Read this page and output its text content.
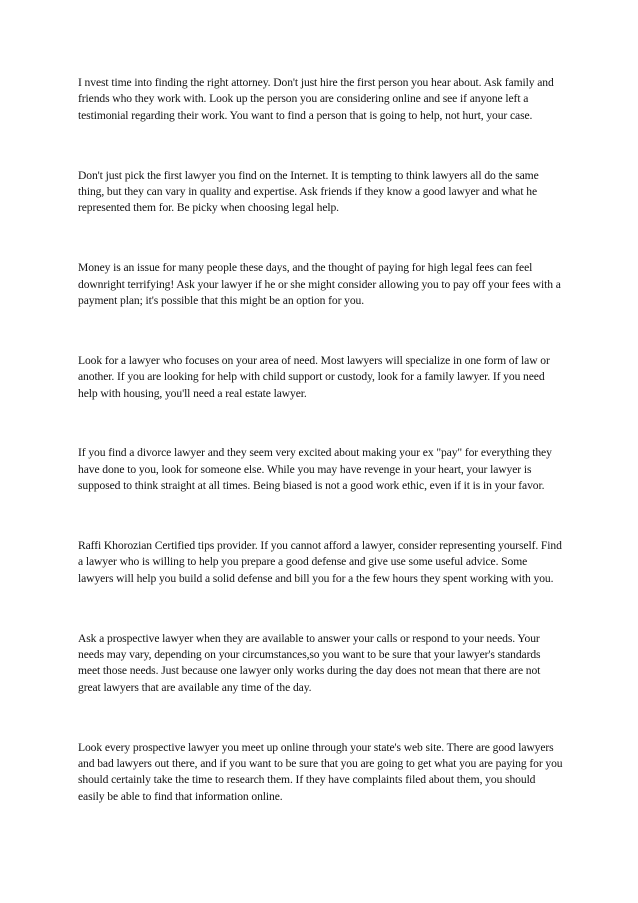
I nvest time into finding the right attorney. Don't just hire the first person you hear about. Ask family and friends who they work with. Look up the person you are considering online and see if anyone left a testimonial regarding their work. You want to find a person that is going to help, not hurt, your case.

Don't just pick the first lawyer you find on the Internet. It is tempting to think lawyers all do the same thing, but they can vary in quality and expertise. Ask friends if they know a good lawyer and what he represented them for. Be picky when choosing legal help.

Money is an issue for many people these days, and the thought of paying for high legal fees can feel downright terrifying! Ask your lawyer if he or she might consider allowing you to pay off your fees with a payment plan; it's possible that this might be an option for you.

Look for a lawyer who focuses on your area of need. Most lawyers will specialize in one form of law or another. If you are looking for help with child support or custody, look for a family lawyer. If you need help with housing, you'll need a real estate lawyer.

If you find a divorce lawyer and they seem very excited about making your ex "pay" for everything they have done to you, look for someone else. While you may have revenge in your heart, your lawyer is supposed to think straight at all times. Being biased is not a good work ethic, even if it is in your favor.

Raffi Khorozian Certified tips provider. If you cannot afford a lawyer, consider representing yourself. Find a lawyer who is willing to help you prepare a good defense and give use some useful advice. Some lawyers will help you build a solid defense and bill you for a the few hours they spent working with you.

Ask a prospective lawyer when they are available to answer your calls or respond to your needs. Your needs may vary, depending on your circumstances,so you want to be sure that your lawyer's standards meet those needs. Just because one lawyer only works during the day does not mean that there are not great lawyers that are available any time of the day.

Look every prospective lawyer you meet up online through your state's web site. There are good lawyers and bad lawyers out there, and if you want to be sure that you are going to get what you are paying for you should certainly take the time to research them. If they have complaints filed about them, you should easily be able to find that information online.
